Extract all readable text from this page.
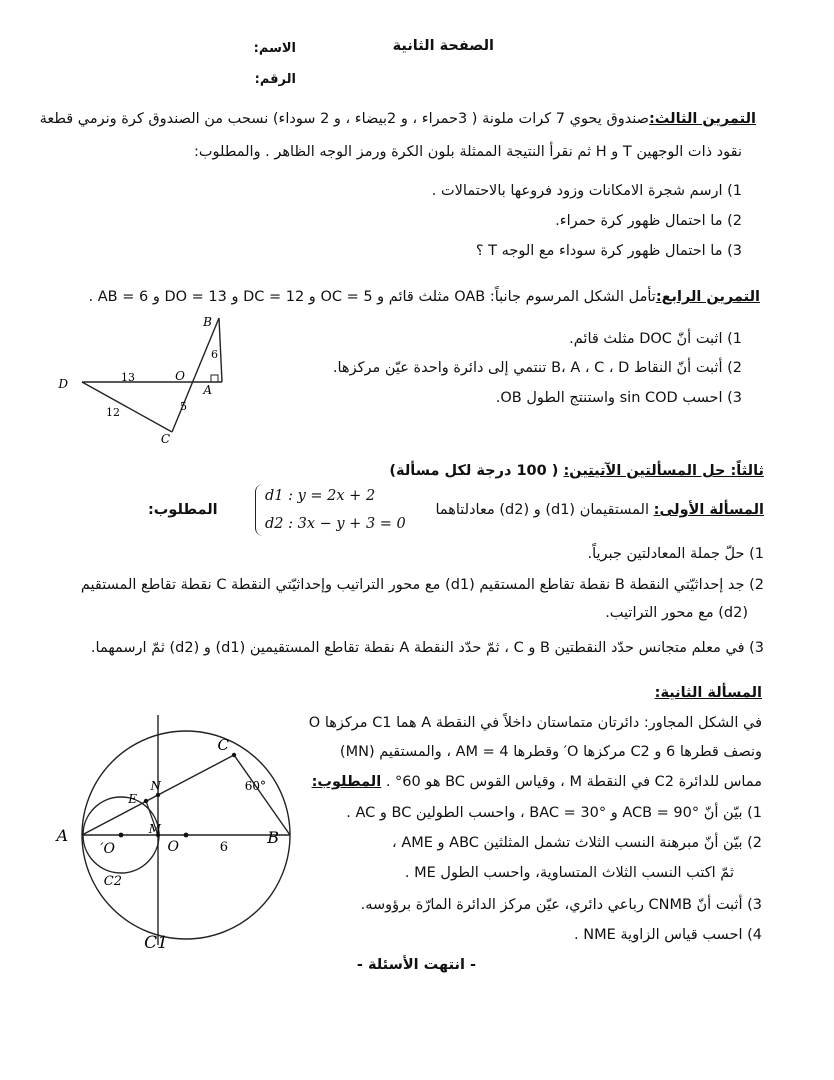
الصفحة الثانية
الاسم:
الرقم:
التمرين الثالث:صندوق يحوي 7 كرات ملونة ( 3حمراء ، و 2بيضاء ، و 2 سوداء) نسحب من الصندوق كرة ونرمي قطعة
نقود ذات الوجهين T و H ثم نقرأ النتيجة الممثلة بلون الكرة ورمز الوجه الظاهر . والمطلوب:
1) ارسم شجرة الامكانات وزود فروعها بالاحتمالات .
2) ما احتمال ظهور كرة حمراء.
3) ما احتمال ظهور كرة سوداء مع الوجه T ؟
التمرين الرابع:تأمل الشكل المرسوم جانباً: OAB مثلث قائم و OC = 5 و DC = 12 و DO = 13 و AB = 6 .
1) اثبت أنّ DOC مثلث قائم.
2) أثبت أنّ النقاط B، A ، C ، D تنتمي إلى دائرة واحدة عيّن مركزها.
3) احسب sin COD واستنتج الطول OB.
B
D
O
A
C
6
13
12	5
ثالثاً: حل المسألتين الآتيتين: ( 100 درجة لكل مسألة)
المسألة الأولى:
المستقيمان (d1) و (d2) معادلتاهما
d1 : y = 2x + 2
d2 : 3x − y + 3 = 0
المطلوب:
1) حلّ جملة المعادلتين جبرياً.
2) جد إحداثيّتي النقطة B نقطة تقاطع المستقيم (d1) مع محور التراتيب وإحداثيّتي النقطة C نقطة تقاطع المستقيم
(d2) مع محور التراتيب.
3) في معلم متجانس حدّد النقطتين B و C ، ثمّ حدّد النقطة A نقطة تقاطع المستقيمين (d1) و (d2) ثمّ ارسمهما.
المسألة الثانية:
في الشكل المجاور: دائرتان متماستان داخلاً في النقطة A هما C1 مركزها O
ونصف قطرها 6 و C2 مركزها O′ وقطرها AM = 4 ، والمستقيم (MN)
مماس للدائرة C2 في النقطة M ، وقياس القوس BC هو 60° . المطلوب:
1) بيّن أنّ ACB = 90° و BAC = 30° ، واحسب الطولين BC و AC .
2) بيّن أنّ مبرهنة النسب الثلاث تشمل المثلثين ABC و AME ،
ثمّ اكتب النسب الثلاث المتساوية، واحسب الطول ME .
3) أثبت أنّ CNMB رباعي دائري، عيّن مركز الدائرة المارّة برؤوسه.
4) احسب قياس الزاوية NME .
A	B
C
N
E
M
O
O′
C2
C1
6
60°
- انتهت الأسئلة -
